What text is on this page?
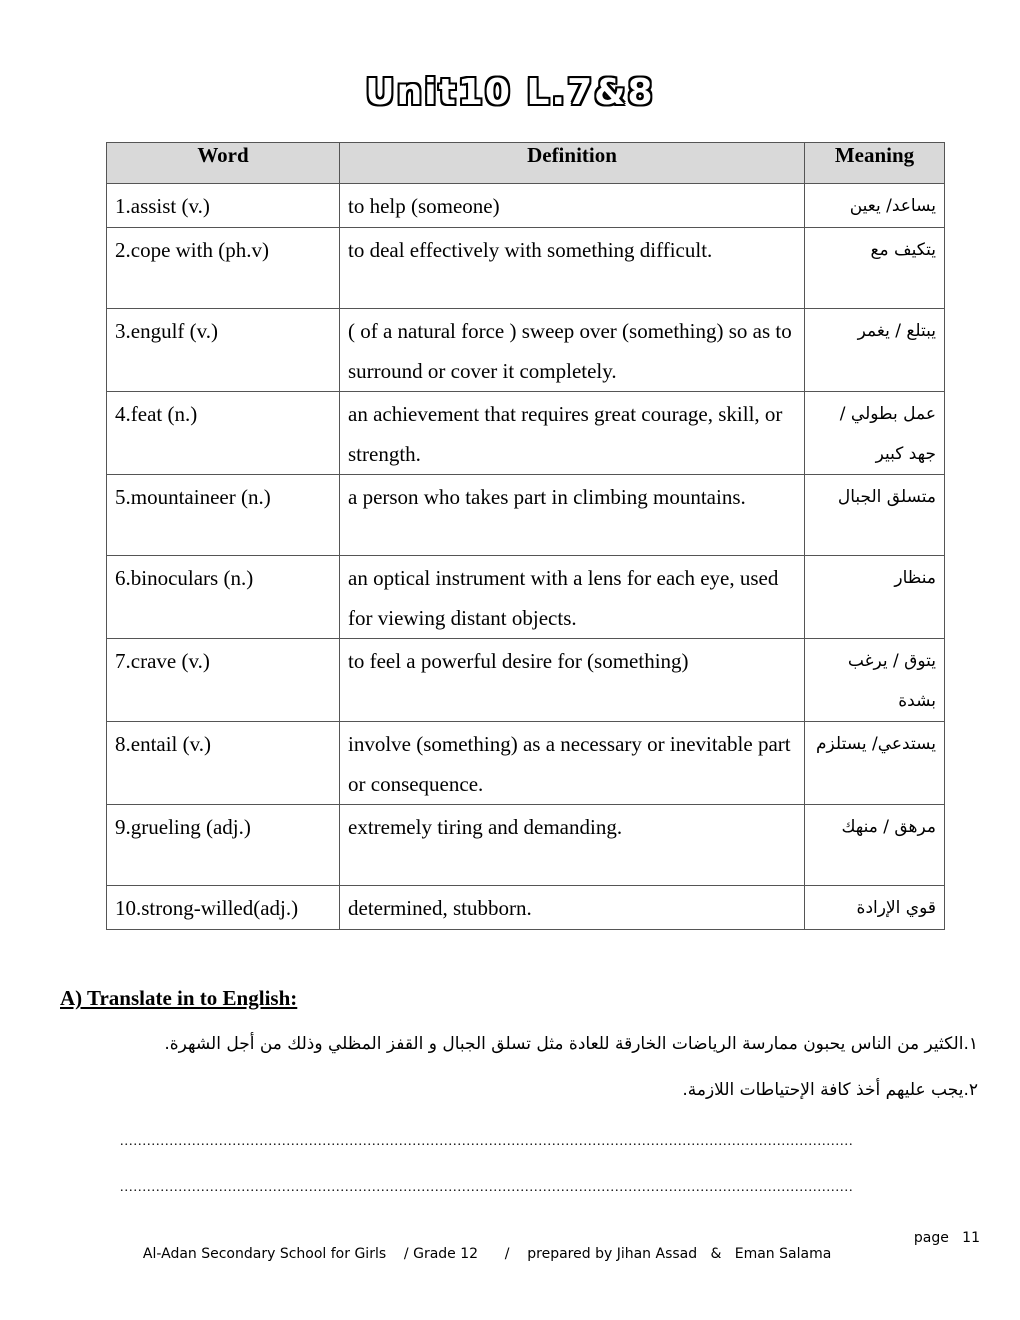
Unit10 L.7&8
Word	Definition	Meaning
1.assist (v.)	to help (someone)	يساعد/ يعين
2.cope with (ph.v)	to deal effectively with something difficult.	يتكيف مع
3.engulf (v.)	( of a natural force ) sweep over (something) so as to surround or cover it completely.	يبتلع / يغمر
4.feat (n.)	an achievement that requires great courage, skill, or strength.	عمل بطولي / جهد كبير
5.mountaineer (n.)	a person who takes part in climbing mountains.	متسلق الجبال
6.binoculars (n.)	an optical instrument with a lens for each eye, used for viewing distant objects.	منظار
7.crave (v.)	to feel a powerful desire for (something)	يتوق / يرغب بشدة
8.entail (v.)	involve (something) as a necessary or inevitable part or consequence.	يستدعي/ يستلزم
9.grueling (adj.)	extremely tiring and demanding.	مرهق / منهك
10.strong-willed(adj.)	determined, stubborn.	قوي الإرادة
A) Translate in to English:
١.الكثير من الناس يحبون ممارسة الرياضات الخارقة للعادة مثل تسلق الجبال و القفز المظلي وذلك من أجل الشهرة.
٢.يجب عليهم أخذ كافة الإحتياطات اللازمة.
...................................................................................................................................................................
...................................................................................................................................................................

Al-Adan Secondary School for Girls    / Grade 12      /    prepared by Jihan Assad   &   Eman Salama

page   11
